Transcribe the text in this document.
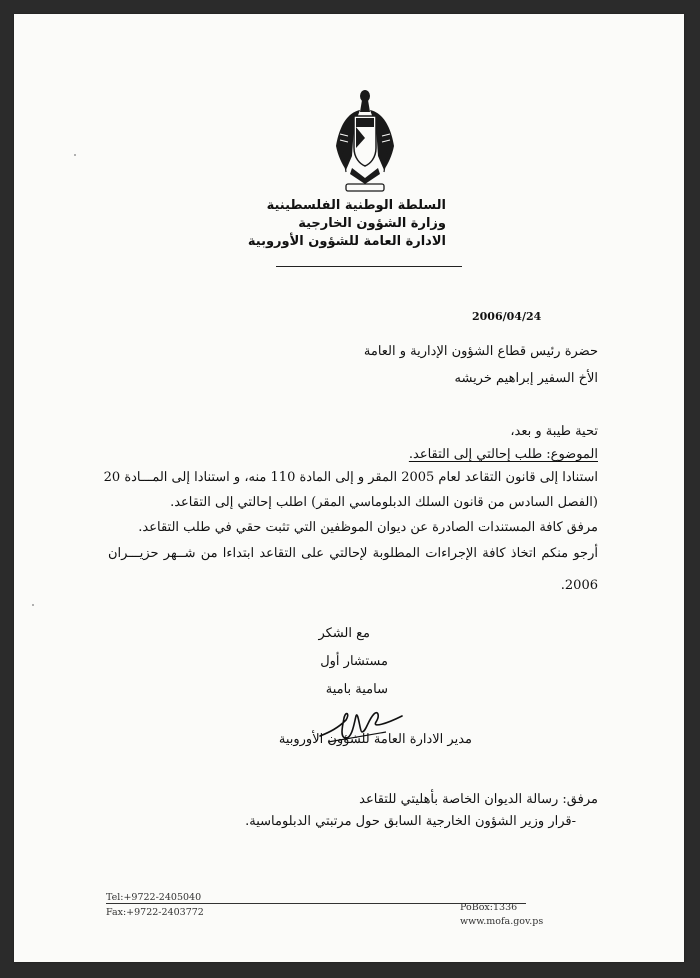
السلطة الوطنية الفلسطينية
وزارة الشؤون الخارجية
الادارة العامة للشؤون الأوروبية
2006/04/24
حضرة رئيس قطاع الشؤون الإدارية و العامة
الأخ السفير إبراهيم خريشه
تحية طيبة و بعد،
الموضوع: طلب إحالتي إلى التقاعد.
استنادا إلى قانون التقاعد لعام 2005 المقر و إلى المادة 110 منه، و استنادا إلى المـــادة 20
(الفصل السادس من قانون السلك الدبلوماسي المقر) اطلب إحالتي إلى التقاعد.
مرفق كافة المستندات الصادرة عن ديوان الموظفين التي تثبت حقي في طلب التقاعد.
أرجو منكم اتخاذ كافة الإجراءات المطلوبة لإحالتي على التقاعد ابتداءا من شــهر حزيـــران
2006.
مع الشكر
مستشار أول
سامية بامية
مدير الادارة العامة للشؤون الأوروبية
مرفق: رسالة الديوان الخاصة بأهليتي للتقاعد
-قرار وزير الشؤون الخارجية السابق حول مرتبتي الدبلوماسية.
Tel:+9722-2405040
Fax:+9722-2403772	PoBox:1336
www.mofa.gov.ps
